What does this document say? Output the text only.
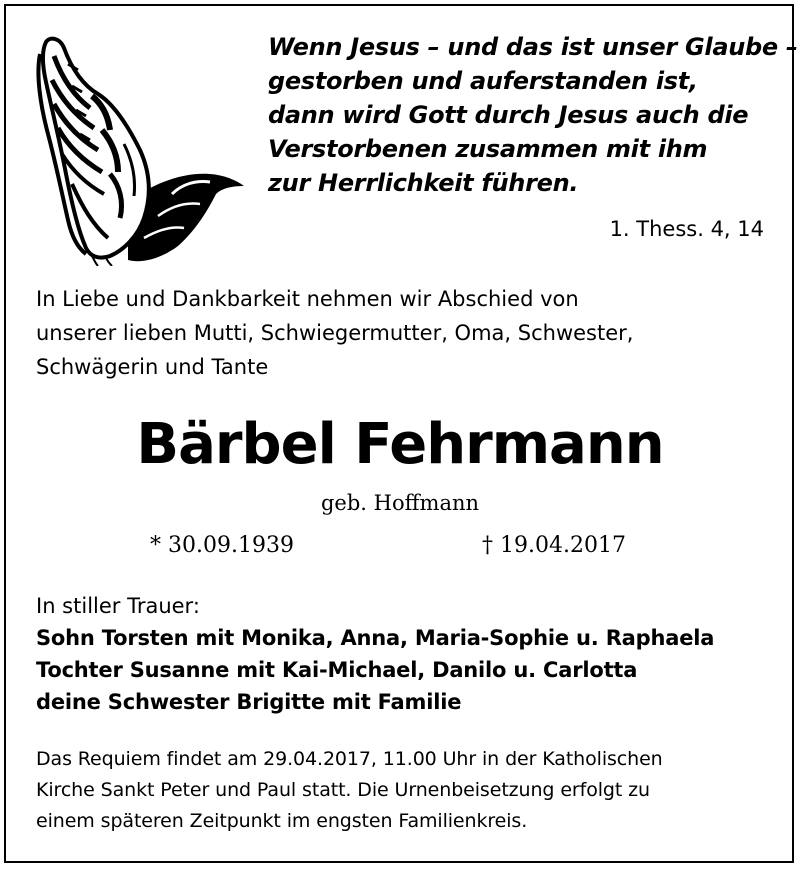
Wenn Jesus – und das ist unser Glaube –
gestorben und auferstanden ist,
dann wird Gott durch Jesus auch die
Verstorbenen zusammen mit ihm
zur Herrlichkeit führen.
1. Thess. 4, 14
In Liebe und Dankbarkeit nehmen wir Abschied von
unserer lieben Mutti, Schwiegermutter, Oma, Schwester,
Schwägerin und Tante
Bärbel Fehrmann
geb. Hoffmann
* 30.09.1939	† 19.04.2017
In stiller Trauer:
Sohn Torsten mit Monika, Anna, Maria-Sophie u. Raphaela
Tochter Susanne mit Kai-Michael, Danilo u. Carlotta
deine Schwester Brigitte mit Familie
Das Requiem findet am 29.04.2017, 11.00 Uhr in der Katholischen
Kirche Sankt Peter und Paul statt. Die Urnenbeisetzung erfolgt zu
einem späteren Zeitpunkt im engsten Familienkreis.
